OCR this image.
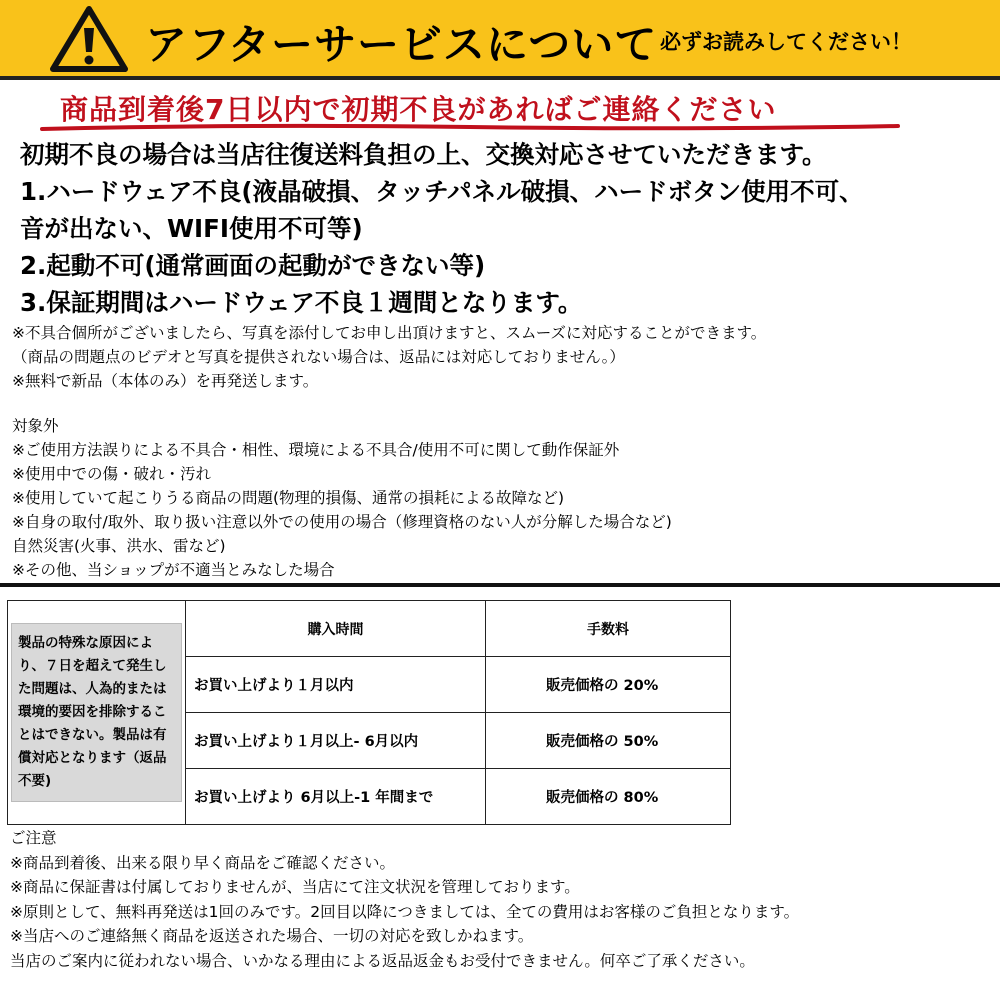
アフターサービスについて 必ずお読みしてください！
商品到着後7日以内で初期不良があればご連絡ください
初期不良の場合は当店往復送料負担の上、交換対応させていただきます。
1.ハードウェア不良(液晶破損、タッチパネル破損、ハードボタン使用不可、
音が出ない、WIFI使用不可等)
2.起動不可(通常画面の起動ができない等)
3.保証期間はハードウェア不良１週間となります。
※不具合個所がございましたら、写真を添付してお申し出頂けますと、スムーズに対応することができます。
（商品の問題点のビデオと写真を提供されない場合は、返品には対応しておりません。）
※無料で新品（本体のみ）を再発送します。
対象外
※ご使用方法誤りによる不具合・相性、環境による不具合/使用不可に関して動作保証外
※使用中での傷・破れ・汚れ
※使用していて起こりうる商品の問題(物理的損傷、通常の損耗による故障など)
※自身の取付/取外、取り扱い注意以外での使用の場合（修理資格のない人が分解した場合など)
自然災害(火事、洪水、雷など)
※その他、当ショップが不適当とみなした場合
製品の特殊な原因により、７日を超えて発生した問題は、人為的または環境的要因を排除することはできない。製品は有償対応となります（返品不要)	購入時間	手数料
	お買い上げより１月以内	販売価格の 20%
	お買い上げより１月以上- 6月以内	販売価格の 50%
	お買い上げより 6月以上-1 年間まで	販売価格の 80%
ご注意
※商品到着後、出来る限り早く商品をご確認ください。
※商品に保証書は付属しておりませんが、当店にて注文状況を管理しております。
※原則として、無料再発送は1回のみです。2回目以降につきましては、全ての費用はお客様のご負担となります。
※当店へのご連絡無く商品を返送された場合、一切の対応を致しかねます。
当店のご案内に従われない場合、いかなる理由による返品返金もお受付できません。何卒ご了承ください。
